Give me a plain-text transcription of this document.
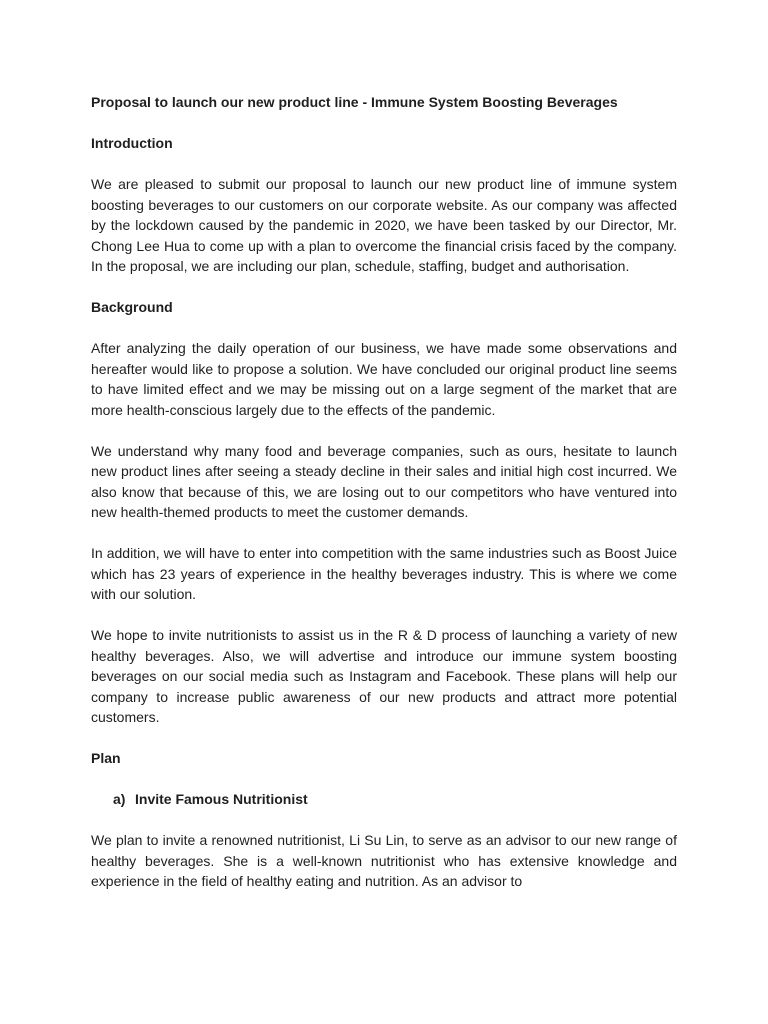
Proposal to launch our new product line - Immune System Boosting Beverages
Introduction

We are pleased to submit our proposal to launch our new product line of immune system boosting beverages to our customers on our corporate website. As our company was affected by the lockdown caused by the pandemic in 2020, we have been tasked by our Director, Mr. Chong Lee Hua to come up with a plan to overcome the financial crisis faced by the company. In the proposal, we are including our plan, schedule, staffing, budget and authorisation.

Background

After analyzing the daily operation of our business, we have made some observations and hereafter would like to propose a solution. We have concluded our original product line seems to have limited effect and we may be missing out on a large segment of the market that are more health-conscious largely due to the effects of the pandemic.

We understand why many food and beverage companies, such as ours, hesitate to launch new product lines after seeing a steady decline in their sales and initial high cost incurred. We also know that because of this, we are losing out to our competitors who have ventured into new health-themed products to meet the customer demands.

In addition, we will have to enter into competition with the same industries such as Boost Juice which has 23 years of experience in the healthy beverages industry. This is where we come with our solution.

We hope to invite nutritionists to assist us in the R & D process of launching a variety of new healthy beverages. Also, we will advertise and introduce our immune system boosting beverages on our social media such as Instagram and Facebook. These plans will help our company to increase public awareness of our new products and attract more potential customers.

Plan
a) Invite Famous Nutritionist

We plan to invite a renowned nutritionist, Li Su Lin, to serve as an advisor to our new range of healthy beverages. She is a well-known nutritionist who has extensive knowledge and experience in the field of healthy eating and nutrition. As an advisor to
